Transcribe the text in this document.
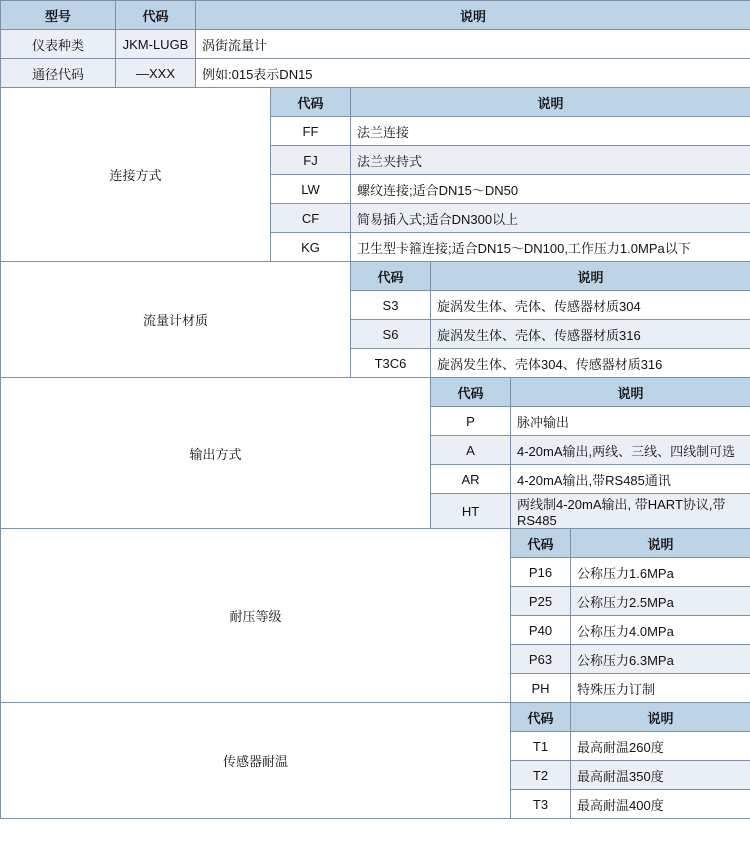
型号	代码	说明					
仪表种类	JKM-LUGB	涡街流量计					
通径代码	—XXX	例如:015表示DN15					
连接方式			代码	说明			
			FF	法兰连接			
			FJ	法兰夹持式			
			LW	螺纹连接;适合DN15～DN50			
			CF	简易插入式;适合DN300以上			
			KG	卫生型卡箍连接;适合DN15～DN100,工作压力1.0MPa以下			
流量计材质				代码	说明		
				S3	旋涡发生体、壳体、传感器材质304		
				S6	旋涡发生体、壳体、传感器材质316		
				T3C6	旋涡发生体、壳体304、传感器材质316		
输出方式					代码	说明	
					P	脉冲输出	
					A	4-20mA输出,两线、三线、四线制可选	
					AR	4-20mA输出,带RS485通讯	
					HT	两线制4-20mA输出, 带HART协议,带RS485	
耐压等级						代码	说明
						P16	公称压力1.6MPa
						P25	公称压力2.5MPa
						P40	公称压力4.0MPa
						P63	公称压力6.3MPa
						PH	特殊压力订制
传感器耐温						代码	说明
						T1	最高耐温260度
						T2	最高耐温350度
						T3	最高耐温400度
